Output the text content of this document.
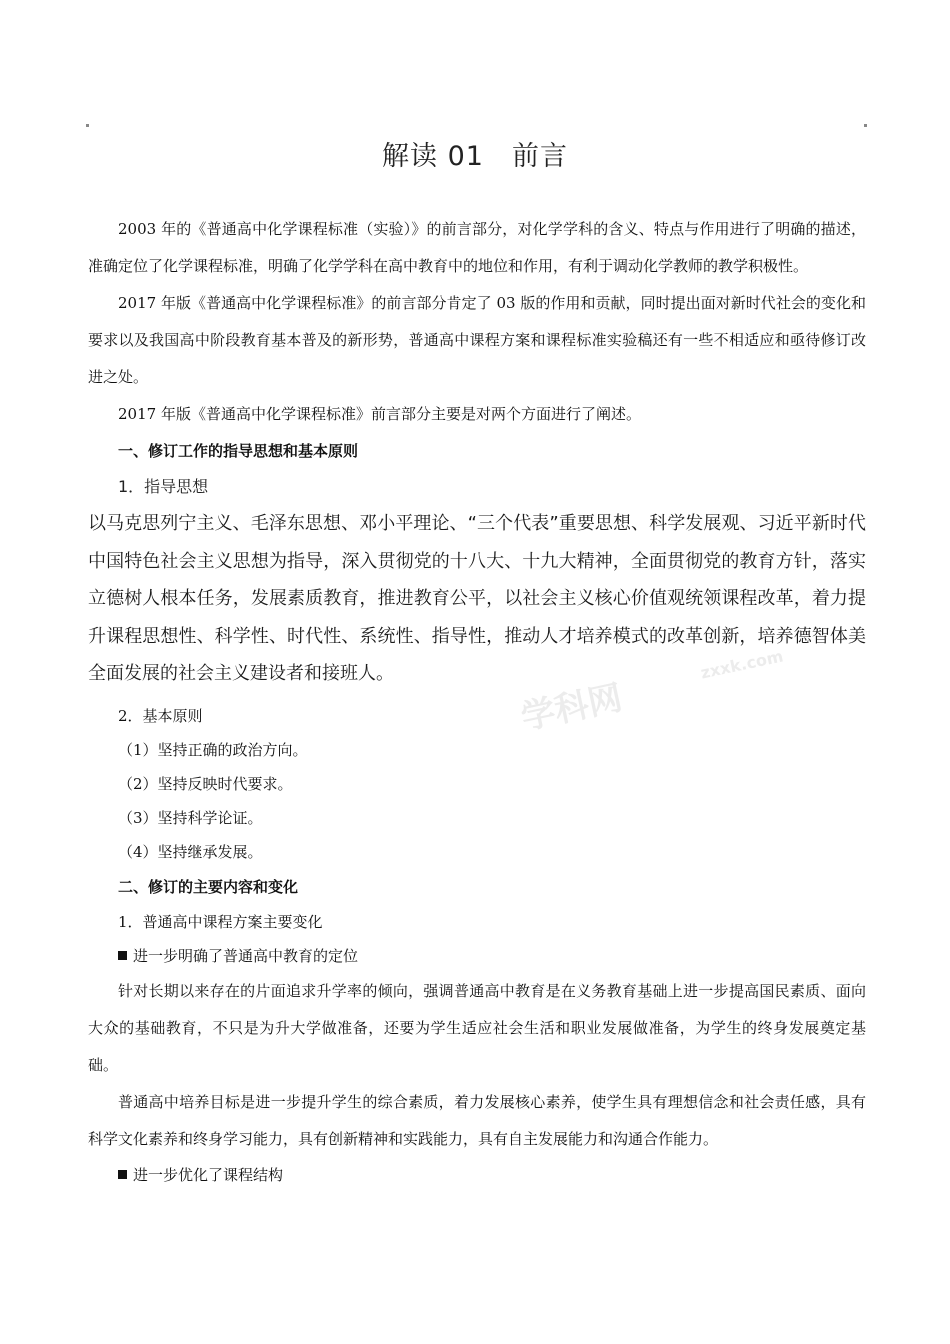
解读 01　前言

2003 年的《普通高中化学课程标准（实验）》的前言部分，对化学学科的含义、特点与作用进行了明确的描述，准确定位了化学课程标准，明确了化学学科在高中教育中的地位和作用，有利于调动化学教师的教学积极性。

2017 年版《普通高中化学课程标准》的前言部分肯定了 03 版的作用和贡献，同时提出面对新时代社会的变化和要求以及我国高中阶段教育基本普及的新形势，普通高中课程方案和课程标准实验稿还有一些不相适应和亟待修订改进之处。

2017 年版《普通高中化学课程标准》前言部分主要是对两个方面进行了阐述。

一、修订工作的指导思想和基本原则

1．指导思想

以马克思列宁主义、毛泽东思想、邓小平理论、“三个代表”重要思想、科学发展观、习近平新时代中国特色社会主义思想为指导，深入贯彻党的十八大、十九大精神，全面贯彻党的教育方针，落实立德树人根本任务，发展素质教育，推进教育公平，以社会主义核心价值观统领课程改革，着力提升课程思想性、科学性、时代性、系统性、指导性，推动人才培养模式的改革创新，培养德智体美全面发展的社会主义建设者和接班人。

2．基本原则

（1）坚持正确的政治方向。

（2）坚持反映时代要求。

（3）坚持科学论证。

（4）坚持继承发展。

二、修订的主要内容和变化

1．普通高中课程方案主要变化

进一步明确了普通高中教育的定位

针对长期以来存在的片面追求升学率的倾向，强调普通高中教育是在义务教育基础上进一步提高国民素质、面向大众的基础教育，不只是为升大学做准备，还要为学生适应社会生活和职业发展做准备，为学生的终身发展奠定基础。

普通高中培养目标是进一步提升学生的综合素质，着力发展核心素养，使学生具有理想信念和社会责任感，具有科学文化素养和终身学习能力，具有创新精神和实践能力，具有自主发展能力和沟通合作能力。

进一步优化了课程结构

学科网
zxxk.com
